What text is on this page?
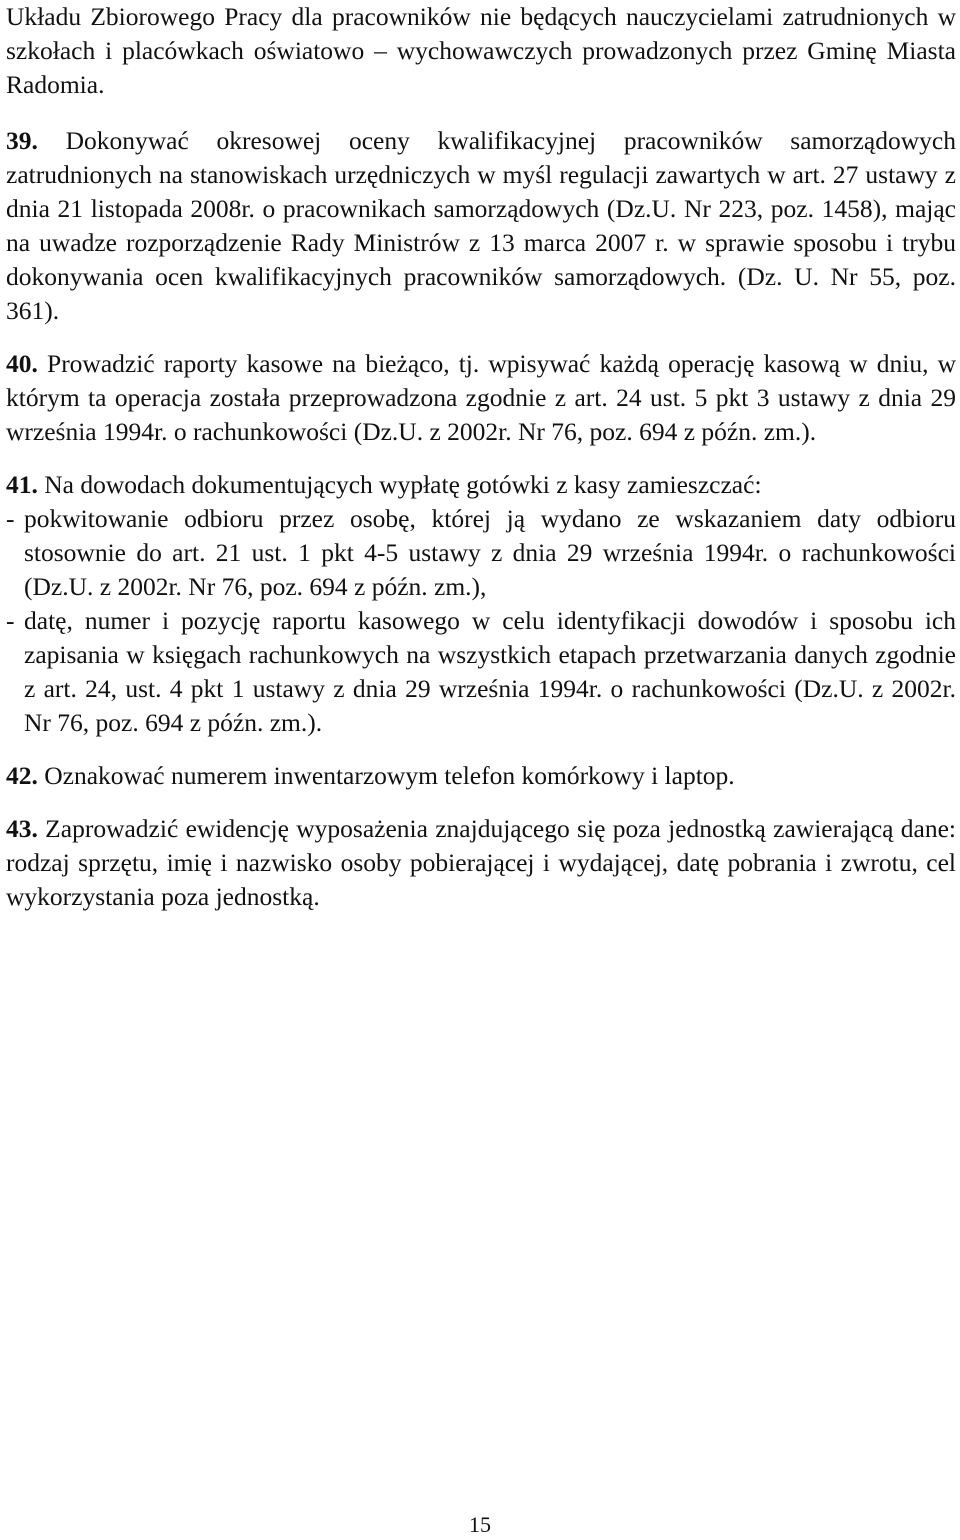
Układu Zbiorowego Pracy dla pracowników nie będących nauczycielami zatrudnionych w szkołach i placówkach oświatowo – wychowawczych prowadzonych przez Gminę Miasta Radomia.

39. Dokonywać okresowej oceny kwalifikacyjnej pracowników samorządowych zatrudnionych na stanowiskach urzędniczych w myśl regulacji zawartych w art. 27 ustawy z dnia 21 listopada 2008r. o pracownikach samorządowych (Dz.U. Nr 223, poz. 1458), mając na uwadze rozporządzenie Rady Ministrów z 13 marca 2007 r. w sprawie sposobu i trybu dokonywania ocen kwalifikacyjnych pracowników samorządowych. (Dz. U. Nr 55, poz. 361).

40. Prowadzić raporty kasowe na bieżąco, tj. wpisywać każdą operację kasową w dniu, w którym ta operacja została przeprowadzona zgodnie z art. 24 ust. 5 pkt 3 ustawy z dnia 29 września 1994r. o rachunkowości (Dz.U. z 2002r. Nr 76, poz. 694 z późn. zm.).

41. Na dowodach dokumentujących wypłatę gotówki z kasy zamieszczać:
- pokwitowanie odbioru przez osobę, której ją wydano ze wskazaniem daty odbioru stosownie do art. 21 ust. 1 pkt 4-5 ustawy z dnia 29 września 1994r. o rachunkowości (Dz.U. z 2002r. Nr 76, poz. 694 z późn. zm.),
- datę, numer i pozycję raportu kasowego w celu identyfikacji dowodów i sposobu ich zapisania w księgach rachunkowych na wszystkich etapach przetwarzania danych zgodnie z art. 24, ust. 4 pkt 1 ustawy z dnia 29 września 1994r. o rachunkowości (Dz.U. z 2002r. Nr 76, poz. 694 z późn. zm.).

42. Oznakować numerem inwentarzowym telefon komórkowy i laptop.

43. Zaprowadzić ewidencję wyposażenia znajdującego się poza jednostką zawierającą dane: rodzaj sprzętu, imię i nazwisko osoby pobierającej i wydającej, datę pobrania i zwrotu, cel wykorzystania poza jednostką.

15
